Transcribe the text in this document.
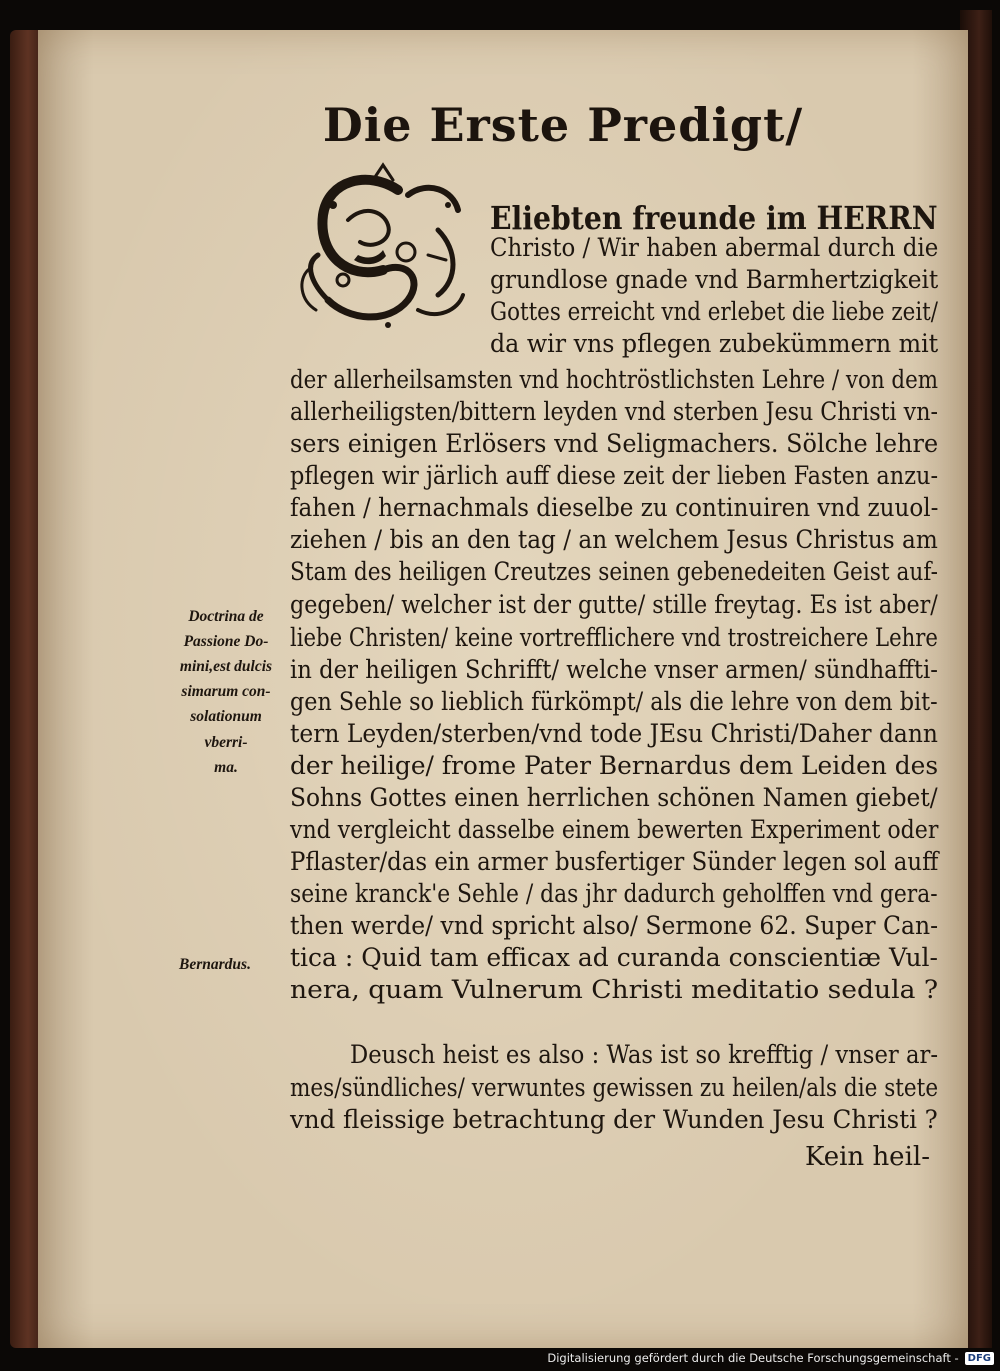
Die Erste Predigt/
Doctrina de
Passione Do-
mini,est dulcis
simarum con-
solationum
vberri-
ma.
Bernardus.
Kein heil-
Eliebten freunde im HERRN
Christo / Wir haben abermal durch die
grundlose gnade vnd Barmhertzigkeit
Gottes erreicht vnd erlebet die liebe zeit/
da wir vns pflegen zubekümmern mit
der allerheilsamsten vnd hochtröstlichsten Lehre / von dem
allerheiligsten/bittern leyden vnd sterben Jesu Christi vn-
sers einigen Erlösers vnd Seligmachers. Sölche lehre
pflegen wir järlich auff diese zeit der lieben Fasten anzu-
fahen / hernachmals dieselbe zu continuiren vnd zuuol-
ziehen / bis an den tag / an welchem Jesus Christus am
Stam des heiligen Creutzes seinen gebenedeiten Geist auf-
gegeben/ welcher ist der gutte/ stille freytag. Es ist aber/
liebe Christen/ keine vortrefflichere vnd trostreichere Lehre
in der heiligen Schrifft/ welche vnser armen/ sündhaffti-
gen Sehle so lieblich fürkömpt/ als die lehre von dem bit-
tern Leyden/sterben/vnd tode JEsu Christi/Daher dann
der heilige/ frome Pater Bernardus dem Leiden des
Sohns Gottes einen herrlichen schönen Namen giebet/
vnd vergleicht dasselbe einem bewerten Experiment oder
Pflaster/das ein armer busfertiger Sünder legen sol auff
seine kranck'e Sehle / das jhr dadurch geholffen vnd gera-
then werde/ vnd spricht also/ Sermone 62. Super Can-
tica : Quid tam efficax ad curanda conscientiæ Vul-
nera, quam Vulnerum Christi meditatio sedula ?
Deusch heist es also : Was ist so krefftig / vnser ar-
mes/sündliches/ verwuntes gewissen zu heilen/als die stete
vnd fleissige betrachtung der Wunden Jesu Christi ?
Digitalisierung gefördert durch die Deutsche Forschungsgemeinschaft - DFG
